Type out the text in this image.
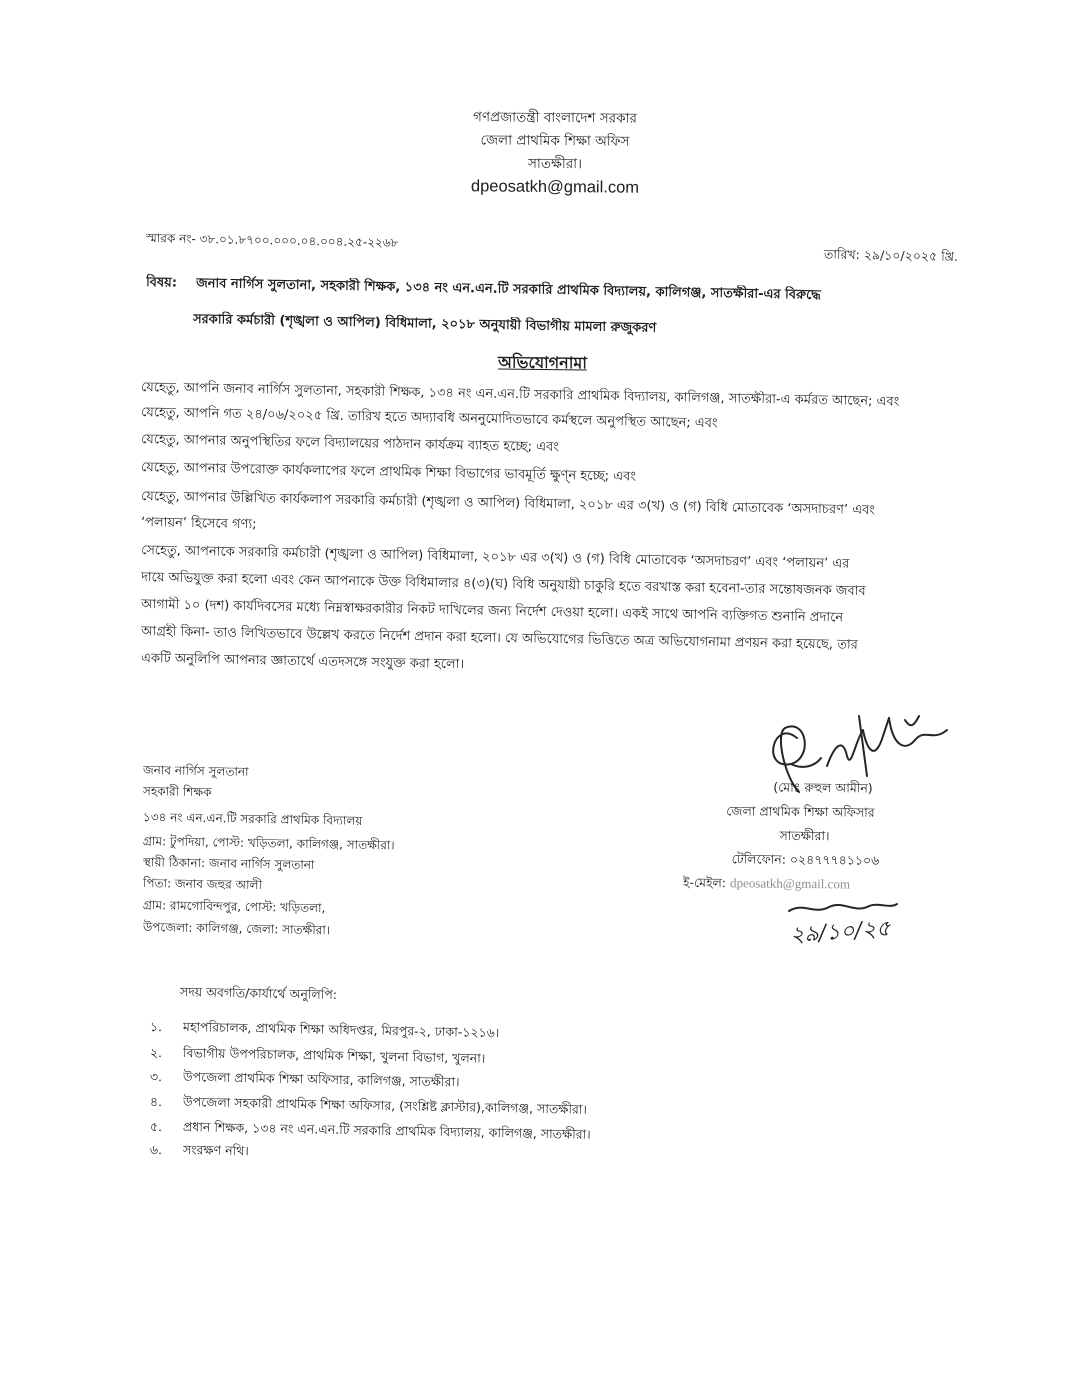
গণপ্রজাতন্ত্রী বাংলাদেশ সরকার
জেলা প্রাথমিক শিক্ষা অফিস
সাতক্ষীরা।
dpeosatkh@gmail.com
স্মারক নং- ৩৮.০১.৮৭০০.০০০.০৪.০০৪.২৫-২২৬৮
তারিখ: ২৯/১০/২০২৫ খ্রি.
বিষয়:	জনাব নার্গিস সুলতানা, সহকারী শিক্ষক, ১৩৪ নং এন.এন.টি সরকারি প্রাথমিক বিদ্যালয়, কালিগঞ্জ, সাতক্ষীরা-এর বিরুদ্ধে
সরকারি কর্মচারী (শৃঙ্খলা ও আপিল) বিধিমালা, ২০১৮ অনুযায়ী বিভাগীয় মামলা রুজুকরণ
অভিযোগনামা
যেহেতু, আপনি জনাব নার্গিস সুলতানা, সহকারী শিক্ষক, ১৩৪ নং এন.এন.টি সরকারি প্রাথমিক বিদ্যালয়, কালিগঞ্জ, সাতক্ষীরা-এ কর্মরত আছেন; এবং
যেহেতু, আপনি গত ২৪/০৬/২০২৫ খ্রি. তারিখ হতে অদ্যাবধি অননুমোদিতভাবে কর্মস্থলে অনুপস্থিত আছেন; এবং
যেহেতু, আপনার অনুপস্থিতির ফলে বিদ্যালয়ের পাঠদান কার্যক্রম ব্যাহত হচ্ছে; এবং
যেহেতু, আপনার উপরোক্ত কার্যকলাপের ফলে প্রাথমিক শিক্ষা বিভাগের ভাবমূর্তি ক্ষুণ্ন হচ্ছে; এবং
যেহেতু, আপনার উল্লিখিত কার্যকলাপ সরকারি কর্মচারী (শৃঙ্খলা ও আপিল) বিধিমালা, ২০১৮ এর ৩(খ) ও (গ) বিধি মোতাবেক ‘অসদাচরণ’ এবং
‘পলায়ন’ হিসেবে গণ্য;
সেহেতু, আপনাকে সরকারি কর্মচারী (শৃঙ্খলা ও আপিল) বিধিমালা, ২০১৮ এর ৩(খ) ও (গ) বিধি মোতাবেক ‘অসদাচরণ’ এবং ‘পলায়ন’ এর
দায়ে অভিযুক্ত করা হলো এবং কেন আপনাকে উক্ত বিধিমালার ৪(৩)(ঘ) বিধি অনুযায়ী চাকুরি হতে বরখাস্ত করা হবেনা-তার সন্তোষজনক জবাব
আগামী ১০ (দশ) কার্যদিবসের মধ্যে নিম্নস্বাক্ষরকারীর নিকট দাখিলের জন্য নির্দেশ দেওয়া হলো। একই সাথে আপনি ব্যক্তিগত শুনানি প্রদানে
আগ্রহী কিনা- তাও লিখিতভাবে উল্লেখ করতে নির্দেশ প্রদান করা হলো। যে অভিযোগের ভিত্তিতে অত্র অভিযোগনামা প্রণয়ন করা হয়েছে, তার
একটি অনুলিপি আপনার জ্ঞাতার্থে এতদসঙ্গে সংযুক্ত করা হলো।
(মোঃ রুহুল আমীন)
জেলা প্রাথমিক শিক্ষা অফিসার
সাতক্ষীরা।
টেলিফোন: ০২৪৭৭৭৪১১০৬
ই-মেইল: dpeosatkh@gmail.com
২৯/১০/২৫
জনাব নার্গিস সুলতানা
সহকারী শিক্ষক
১৩৪ নং এন.এন.টি সরকারি প্রাথমিক বিদ্যালয়
গ্রাম: টুপদিয়া, পোস্ট: খড়িতলা, কালিগঞ্জ, সাতক্ষীরা।
স্থায়ী ঠিকানা: জনাব নার্গিস সুলতানা
পিতা: জনাব জহুর আলী
গ্রাম: রামগোবিন্দপুর, পোস্ট: খড়িতলা,
উপজেলা: কালিগঞ্জ, জেলা: সাতক্ষীরা।
সদয় অবগতি/কার্যার্থে অনুলিপি:
১.	মহাপরিচালক, প্রাথমিক শিক্ষা অধিদপ্তর, মিরপুর-২, ঢাকা-১২১৬।
২.	বিভাগীয় উপপরিচালক, প্রাথমিক শিক্ষা, খুলনা বিভাগ, খুলনা।
৩.	উপজেলা প্রাথমিক শিক্ষা অফিসার, কালিগঞ্জ, সাতক্ষীরা।
৪.	উপজেলা সহকারী প্রাথমিক শিক্ষা অফিসার, (সংশ্লিষ্ট ক্লাস্টার),কালিগঞ্জ, সাতক্ষীরা।
৫.	প্রধান শিক্ষক, ১৩৪ নং এন.এন.টি সরকারি প্রাথমিক বিদ্যালয়, কালিগঞ্জ, সাতক্ষীরা।
৬.	সংরক্ষণ নথি।
